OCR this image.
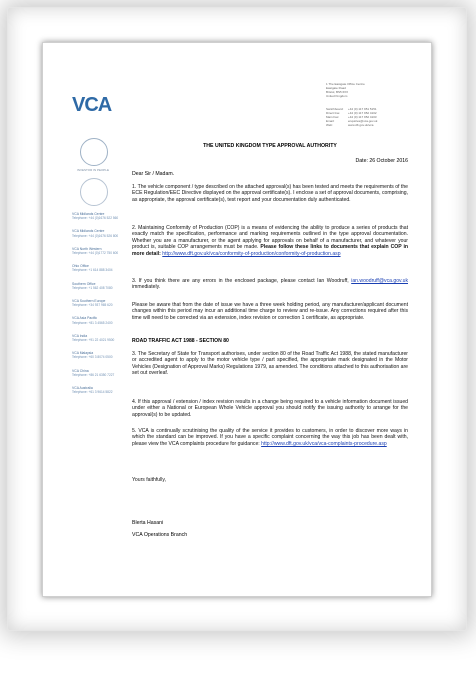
VCA
1 The Eastgate Office Centre
Eastgate Road
Bristol, BS5 6XX
United Kingdom
Switchboard:	+44 (0) 117 951 5151
Direct line:	+44 (0) 117 952 4102
Main Fax:	+44 (0) 117 952 4103
Email:	enquiries@vca.gov.uk
Web:	www.dft.gov.uk/vca
INVESTOR IN PEOPLE
VCA Midlands Centre
Telephone: +44 (0)1676 522 560
VCA Midlands Centre
Telephone: +44 (0)1676 526 800
VCA North Western
Telephone: +44 (0)1772 750 600
Ohio Office
Telephone: +1 614 888 3404
Southern Office
Telephone: +1 562 408 7080
VCA Southern Europe
Telephone: +34 937 965 620
VCA Asia Pacific
Telephone: +81 3 4565 2400
VCA India
Telephone: +91 22 4021 9500
VCA Malaysia
Telephone: +60 3 8074 0500
VCA China
Telephone: +86 21 6350 7227
VCA Australia
Telephone: +61 3 9614 5822
THE UNITED KINGDOM TYPE APPROVAL AUTHORITY
Date: 26 October 2016
Dear Sir / Madam.
1. The vehicle component / type described on the attached approval(s) has been tested and meets the requirements of the ECE Regulation/EEC Directive displayed on the approval certificate(s). I enclose a set of approval documents, comprising, as appropriate, the approval certificate(s), test report and your documentation duly authenticated.
2. Maintaining Conformity of Production (COP) is a means of evidencing the ability to produce a series of products that exactly match the specification, performance and marking requirements outlined in the type approval documentation. Whether you are a manufacturer, or the agent applying for approvals on behalf of a manufacturer, and whatever your product is, suitable COP arrangements must be made. Please follow these links to documents that explain COP in more detail: http://www.dft.gov.uk/vca/conformity-of-production/conformity-of-production.asp
3. If you think there are any errors in the enclosed package, please contact Ian Woodruff, ian.woodruff@vca.gov.uk immediately.
Please be aware that from the date of issue we have a three week holding period, any manufacturer/applicant document changes within this period may incur an additional time charge to review and re-issue. Any corrections required after this time will need to be corrected via an extension, index revision or correction 1 certificate, as appropriate.
ROAD TRAFFIC ACT 1988 - SECTION 80
3. The Secretary of State for Transport authorises, under section 80 of the Road Traffic Act 1988, the stated manufacturer or accredited agent to apply to the motor vehicle type / part specified, the appropriate mark designated in the Motor Vehicles (Designation of Approval Marks) Regulations 1979, as amended. The conditions attached to this authorisation are set out overleaf.
4. If this approval / extension / index revision results in a change being required to a vehicle information document issued under either a National or European Whole Vehicle approval you should notify the issuing authority to arrange for the approval(s) to be updated.
5. VCA is continually scrutinising the quality of the service it provides to customers, in order to discover more ways in which the standard can be improved. If you have a specific complaint concerning the way this job has been dealt with, please view the VCA complaints procedure for guidance: http://www.dft.gov.uk/vca/vca-complaints-procedure.asp
Yours faithfully,
Blerta Hasani
VCA Operations Branch
